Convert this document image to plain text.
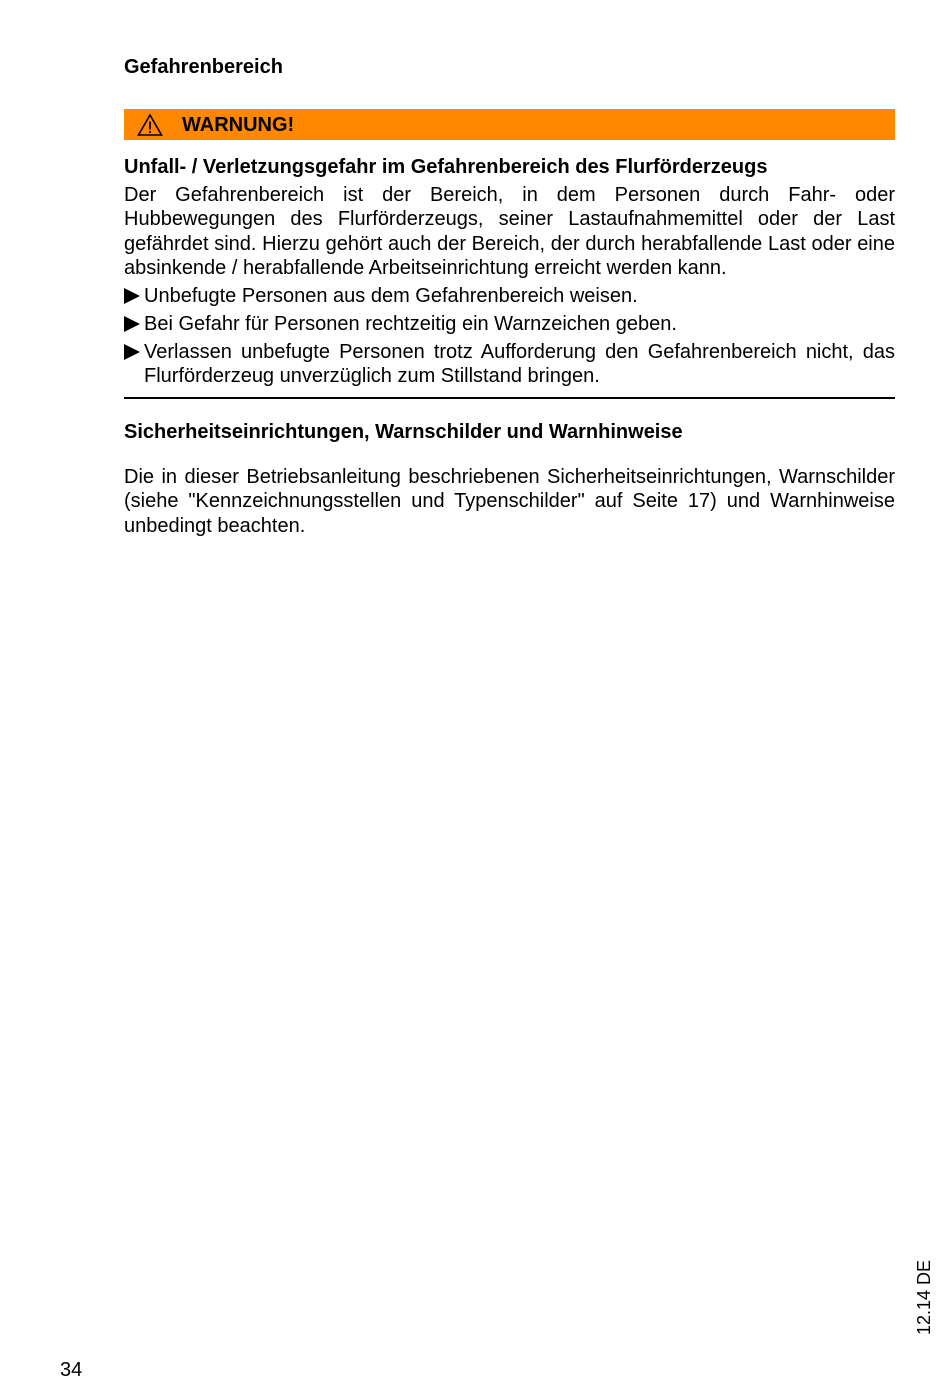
Gefahrenbereich
WARNUNG!
Unfall- / Verletzungsgefahr im Gefahrenbereich des Flurförderzeugs

Der Gefahrenbereich ist der Bereich, in dem Personen durch Fahr- oder Hubbewegungen des Flurförderzeugs, seiner Lastaufnahmemittel oder der Last gefährdet sind. Hierzu gehört auch der Bereich, der durch herabfallende Last oder eine absinkende / herabfallende Arbeitseinrichtung erreicht werden kann.

Unbefugte Personen aus dem Gefahrenbereich weisen.
Bei Gefahr für Personen rechtzeitig ein Warnzeichen geben.
Verlassen unbefugte Personen trotz Aufforderung den Gefahrenbereich nicht, das Flurförderzeug unverzüglich zum Stillstand bringen.
Sicherheitseinrichtungen, Warnschilder und Warnhinweise

Die in dieser Betriebsanleitung beschriebenen Sicherheitseinrichtungen, Warnschilder (siehe "Kennzeichnungsstellen und Typenschilder" auf Seite 17) und Warnhinweise unbedingt beachten.

34
12.14 DE
